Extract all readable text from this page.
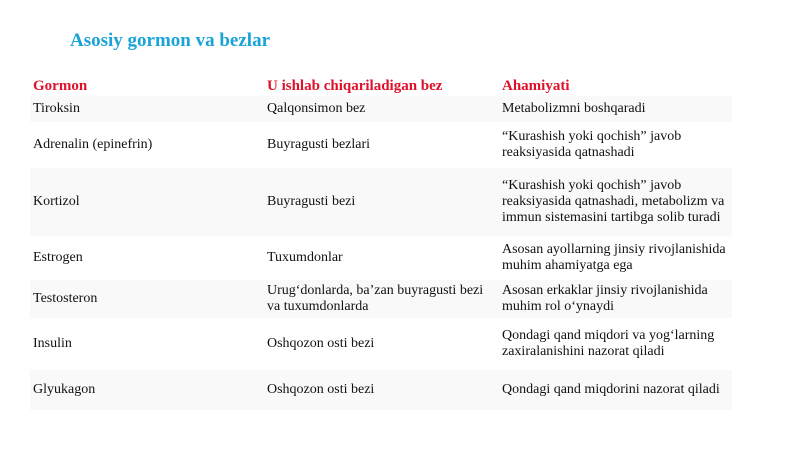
Asosiy gormon va bezlar
Gormon	U ishlab chiqariladigan bez	Ahamiyati
Tiroksin	Qalqonsimon bez	Metabolizmni boshqaradi
Adrenalin (epinefrin)	Buyragusti bezlari	“Kurashish yoki qochish” javob reaksiyasida qatnashadi
Kortizol	Buyragusti bezi	“Kurashish yoki qochish” javob reaksiyasida qatnashadi, metabolizm va immun sistemasini tartibga solib turadi
Estrogen	Tuxumdonlar	Asosan ayollarning jinsiy rivojlanishida muhim ahamiyatga ega
Testosteron	Urug‘donlarda, ba’zan buyragusti bezi va tuxumdonlarda	Asosan erkaklar jinsiy rivojlanishida muhim rol o‘ynaydi
Insulin	Oshqozon osti bezi	Qondagi qand miqdori va yog‘larning zaxiralanishini nazorat qiladi
Glyukagon	Oshqozon osti bezi	Qondagi qand miqdorini nazorat qiladi
